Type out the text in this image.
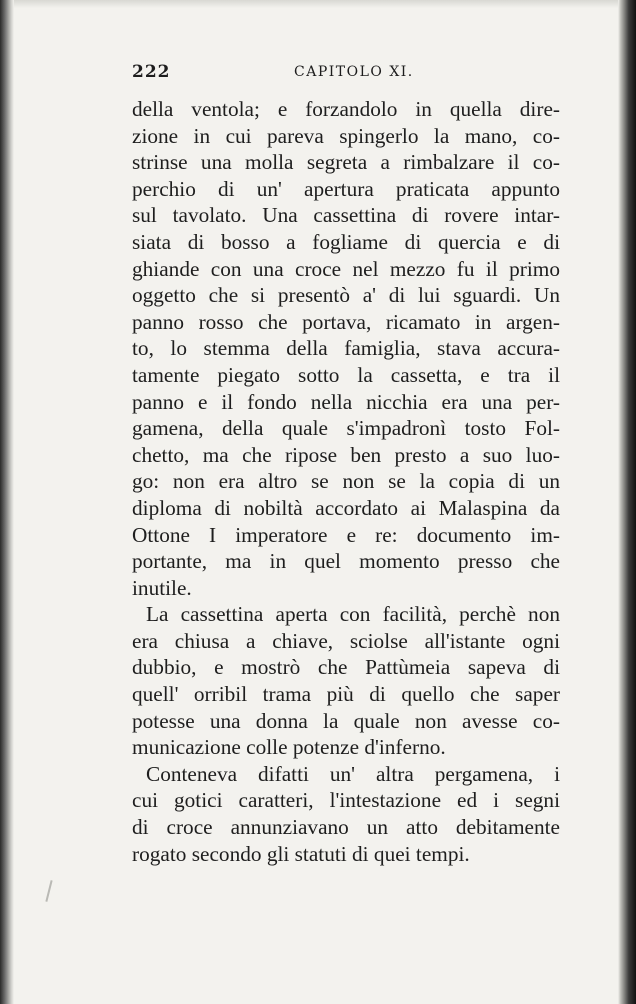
222	CAPITOLO XI.
della ventola; e forzandolo in quella dire-
zione in cui pareva spingerlo la mano, co-
strinse una molla segreta a rimbalzare il co-
perchio di un' apertura praticata appunto
sul tavolato. Una cassettina di rovere intar-
siata di bosso a fogliame di quercia e di
ghiande con una croce nel mezzo fu il primo
oggetto che si presentò a' di lui sguardi. Un
panno rosso che portava, ricamato in argen-
to, lo stemma della famiglia, stava accura-
tamente piegato sotto la cassetta, e tra il
panno e il fondo nella nicchia era una per-
gamena, della quale s'impadronì tosto Fol-
chetto, ma che ripose ben presto a suo luo-
go: non era altro se non se la copia di un
diploma di nobiltà accordato ai Malaspina da
Ottone I imperatore e re: documento im-
portante, ma in quel momento presso che
inutile.
La cassettina aperta con facilità, perchè non
era chiusa a chiave, sciolse all'istante ogni
dubbio, e mostrò che Pattùmeia sapeva di
quell' orribil trama più di quello che saper
potesse una donna la quale non avesse co-
municazione colle potenze d'inferno.
Conteneva difatti un' altra pergamena, i
cui gotici caratteri, l'intestazione ed i segni
di croce annunziavano un atto debitamente
rogato secondo gli statuti di quei tempi.
